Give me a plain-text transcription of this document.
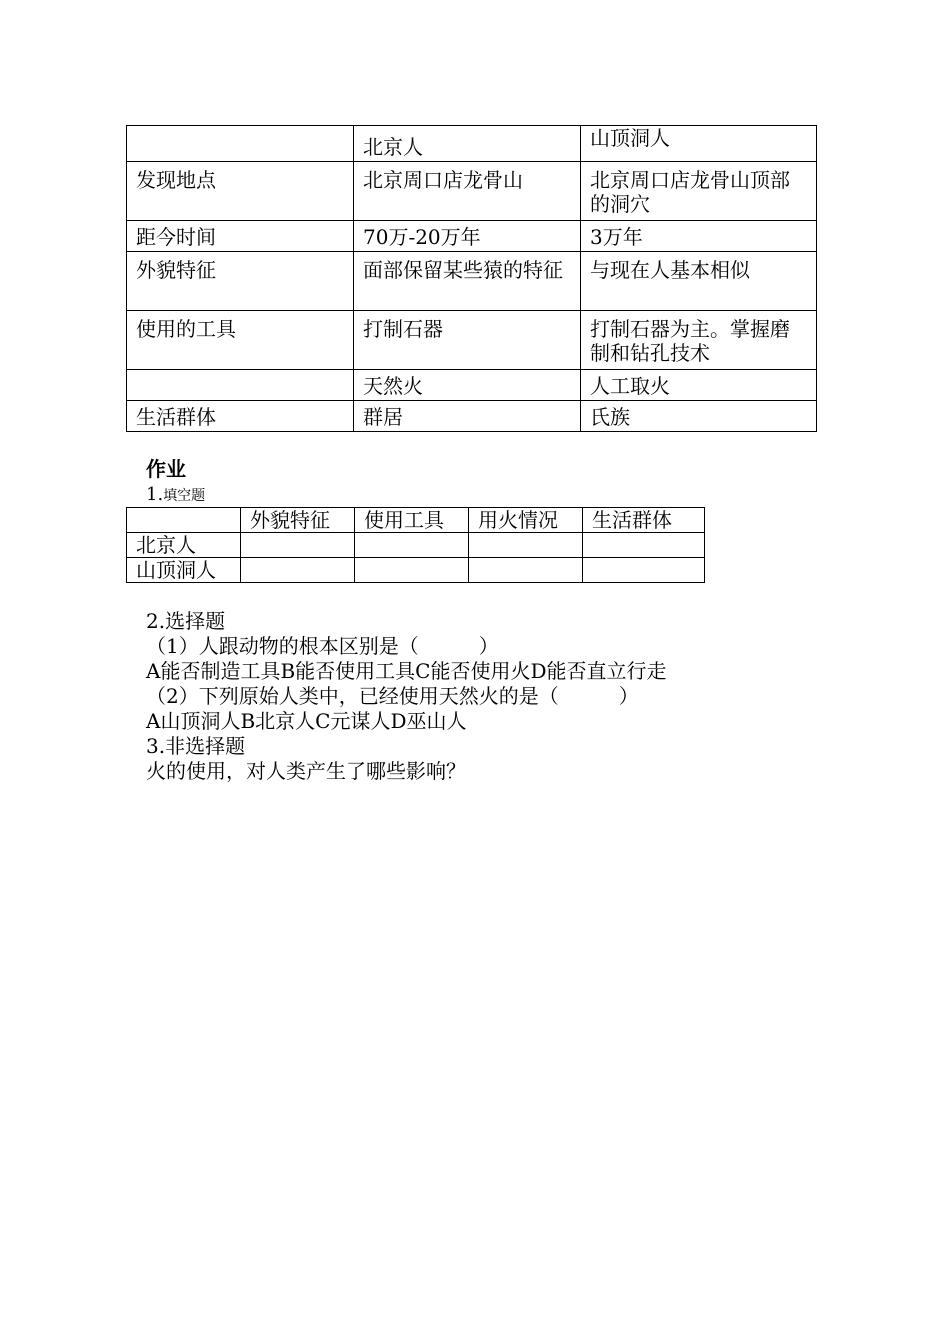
	北京人	山顶洞人
发现地点	北京周口店龙骨山	北京周口店龙骨山顶部的洞穴
距今时间	70万-20万年	3万年
外貌特征	面部保留某些猿的特征	与现在人基本相似
使用的工具	打制石器	打制石器为主。掌握磨制和钻孔技术
	天然火	人工取火
生活群体	群居	氏族
作业
1.填空题
	外貌特征	使用工具	用火情况	生活群体
北京人				
山顶洞人				
2.选择题
（1）人跟动物的根本区别是（　　　）
A能否制造工具B能否使用工具C能否使用火D能否直立行走
（2）下列原始人类中，已经使用天然火的是（　　　）
A山顶洞人B北京人C元谋人D巫山人
3.非选择题
火的使用，对人类产生了哪些影响？
